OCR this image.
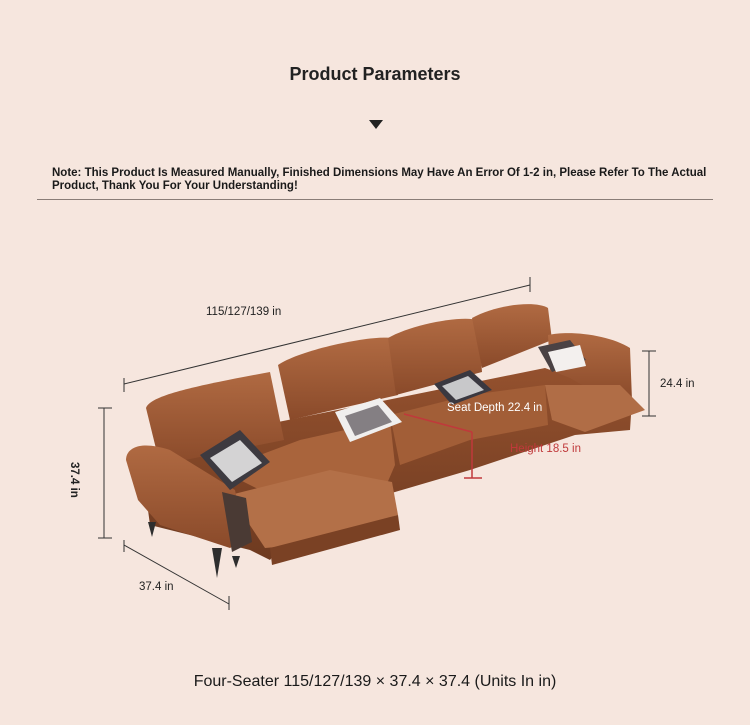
Product Parameters
Note: This Product Is Measured Manually, Finished Dimensions May Have An Error Of 1-2 in, Please Refer To The Actual Product, Thank You For Your Understanding!
115/127/139 in
37.4 in
24.4 in
37.4 in
Seat Depth 22.4 in
Height 18.5 in
Four-Seater 115/127/139 × 37.4 × 37.4 (Units In in)
